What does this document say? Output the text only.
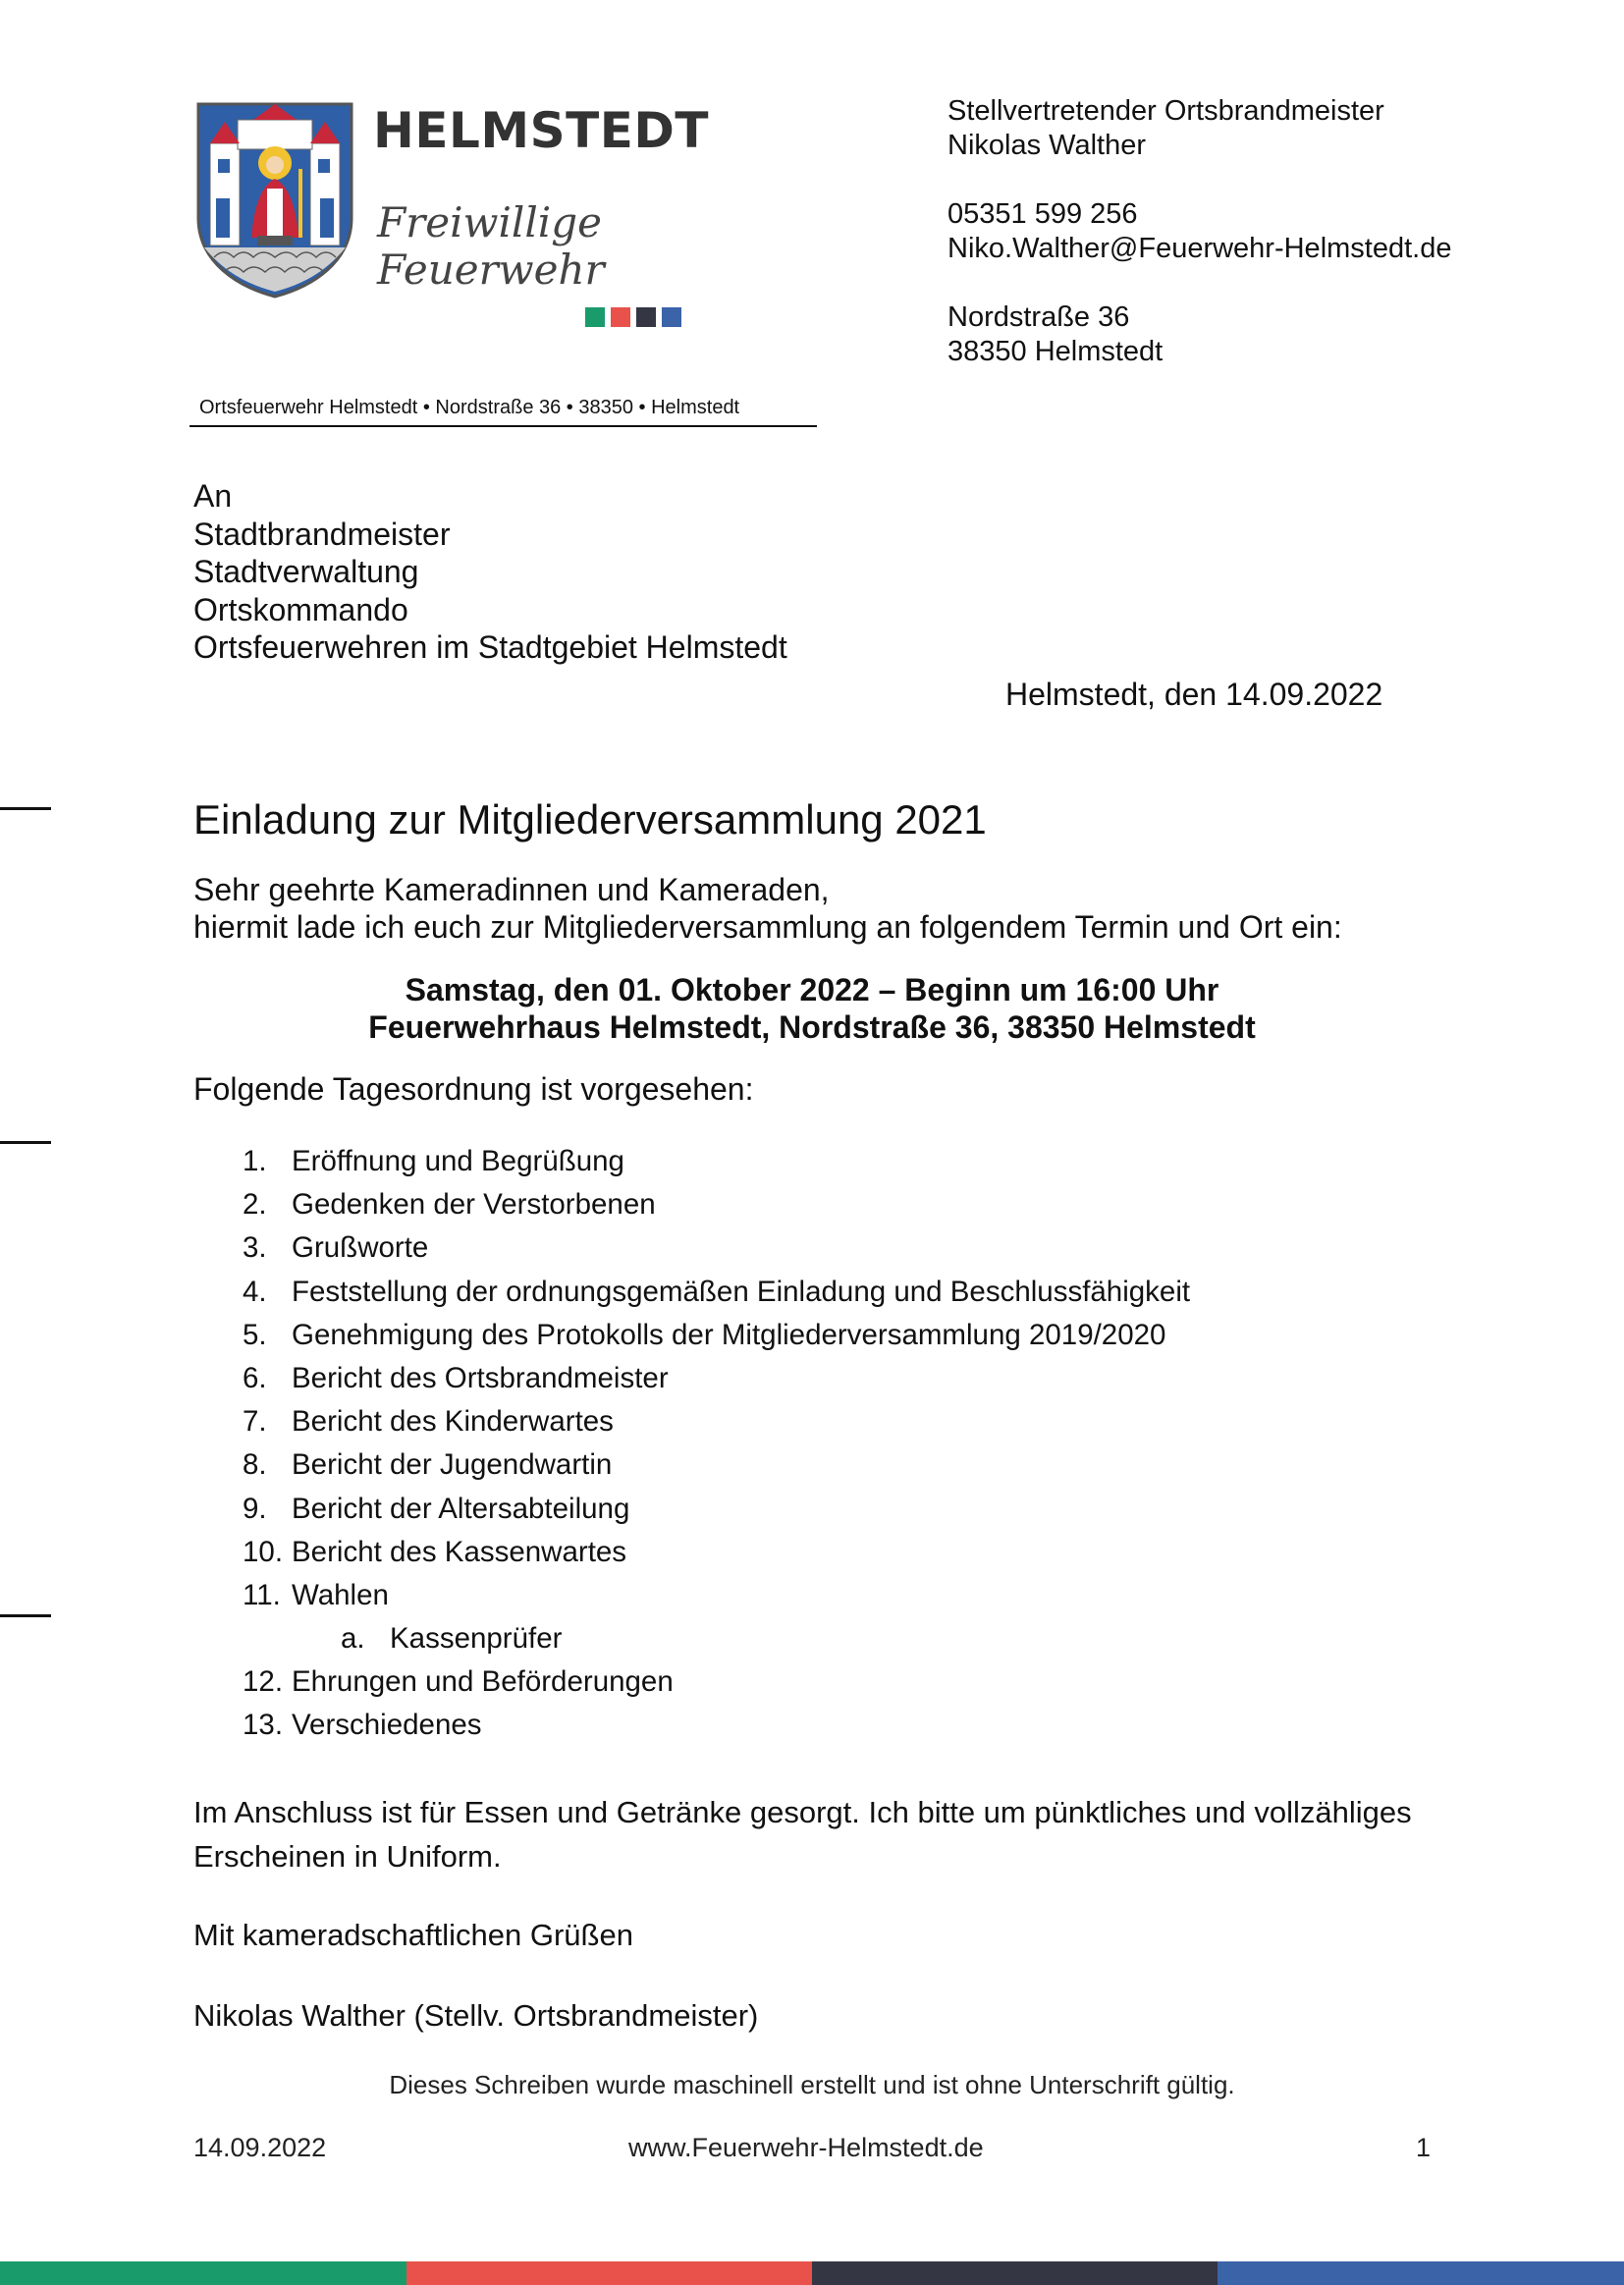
HELMSTEDT
Freiwillige
Feuerwehr
Stellvertretender Ortsbrandmeister
Nikolas Walther
05351 599 256
Niko.Walther@Feuerwehr-Helmstedt.de
Nordstraße 36
38350 Helmstedt
Ortsfeuerwehr Helmstedt • Nordstraße 36 • 38350 • Helmstedt
An
Stadtbrandmeister
Stadtverwaltung
Ortskommando
Ortsfeuerwehren im Stadtgebiet Helmstedt
Helmstedt, den 14.09.2022
Einladung zur Mitgliederversammlung 2021
Sehr geehrte Kameradinnen und Kameraden,
hiermit lade ich euch zur Mitgliederversammlung an folgendem Termin und Ort ein:
Samstag, den 01. Oktober 2022 – Beginn um 16:00 Uhr
Feuerwehrhaus Helmstedt, Nordstraße 36, 38350 Helmstedt
Folgende Tagesordnung ist vorgesehen:
1. Eröffnung und Begrüßung
2. Gedenken der Verstorbenen
3. Grußworte
4. Feststellung der ordnungsgemäßen Einladung und Beschlussfähigkeit
5. Genehmigung des Protokolls der Mitgliederversammlung 2019/2020
6. Bericht des Ortsbrandmeister
7. Bericht des Kinderwartes
8. Bericht der Jugendwartin
9. Bericht der Altersabteilung
10. Bericht des Kassenwartes
11. Wahlen
a. Kassenprüfer
12. Ehrungen und Beförderungen
13. Verschiedenes
Im Anschluss ist für Essen und Getränke gesorgt. Ich bitte um pünktliches und vollzähliges
Erscheinen in Uniform.
Mit kameradschaftlichen Grüßen
Nikolas Walther (Stellv. Ortsbrandmeister)
Dieses Schreiben wurde maschinell erstellt und ist ohne Unterschrift gültig.
14.09.2022	www.Feuerwehr-Helmstedt.de	1
